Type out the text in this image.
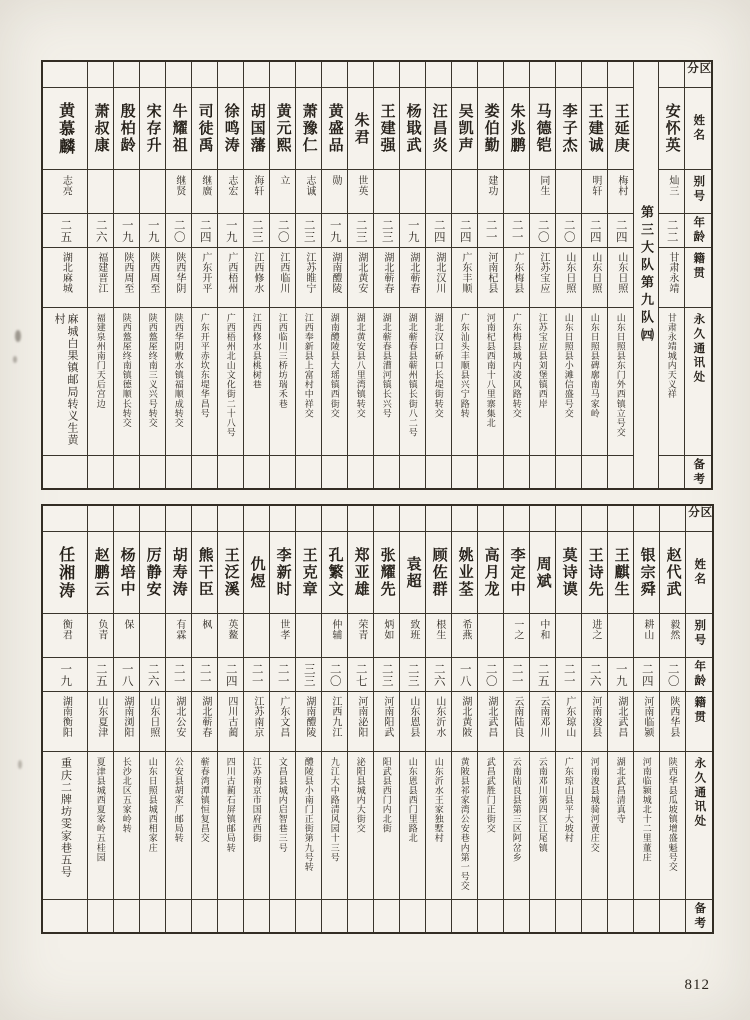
区分
姓名
别号
年龄
籍贯
永久通讯处
备考
安怀英
灿三
二二
甘肃永靖
甘肃永靖城内天义祥
第三大队第九队㈣
王延庚
梅村
二四
山东日照
山东日照县东门外西镇立号交
王建诚
明轩
二四
山东日照
山东日照县碑廓南马家岭
李子杰
二〇
山东日照
山东日照县小滩信盛号交
马德铠
同生
二〇
江苏宝应
江苏宝应县刘堡镇西岸
朱兆鹏
二一
广东梅县
广东梅县城内凌风路转交
娄伯勤
建功
二一
河南杞县
河南杞县西南十八里寨集北
吴凯声
二四
广东丰顺
广东汕头丰顺县兴宁路转
汪昌炎
二四
湖北汉川
湖北汉口硚口长堤街转交
杨戢武
一九
湖北蕲春
湖北蕲春县蕲州镇长街八二号
王建强
二三
湖北蕲春
湖北蕲春县漕河镇长兴号
朱君
世英
二三
湖北黄安
湖北黄安县八里湾镇转交
黄盛品
勋
一九
湖南醴陵
湖南醴陵县大瑶镇西街交
萧豫仁
志诚
二三
江苏睢宁
江西奉新县上富村中祥交
黄元熙
立
二〇
江西临川
江西临川三桥坊瑞禾巷
胡国藩
海轩
二三
江西修水
江西修水县桃树巷
徐鸣涛
志宏
一九
广西梧州
广西梧州北山文化街二十八号
司徒禹
继廣
二四
广东开平
广东开平赤坎东堤华昌号
牛耀祖
继贤
二〇
陕西华阴
陕西华阴敷水镇福顺成转交
宋存升
一九
陕西周至
陕西盩厔终南三义兴号转交
殷柏龄
一九
陕西周至
陕西盩厔终南镇德顺长转交
萧叔康
二六
福建晋江
福建泉州南门天后宫边
黄慕麟
志亮
二五
湖北麻城
麻城白果镇邮局转义生黄村
区分
姓名
别号
年龄
籍贯
永久通讯处
备考
赵代武
毅然
二〇
陕西华县
陕西华县瓜坡镇增盛魁号交
银宗舜
耕山
二四
河南临颍
河南临颍城北十二里董庄
王麒生
一九
湖北武昌
湖北武昌清真寺
王诗先
进之
二六
河南浚县
河南浚县城骑河黄庄交
莫诗谟
二一
广东琼山
广东琼山县平大坡村
周斌
中和
二五
云南邓川
云南邓川第四区江尾镇
李定中
一之
二一
云南陆良
云南陆良县第三区阿岔乡
高月龙
二〇
湖北武昌
武昌武胜门正街交
姚业荃
希燕
一八
湖北黄陂
黄陂县祁家湾公安巷内第一号交
顾佐群
根生
二六
山东沂水
山东沂水王家独墅村
袁超
致班
二三
山东恩县
山东恩县西门里路北
张耀先
炳如
二三
河南阳武
阳武县西门内北街
郑亚雄
荣青
二七
河南泌阳
泌阳县城内大街交
孔繁文
仲辅
二〇
江西九江
九江大中路清风园十三号
王克章
三三
湖南醴陵
醴陵县小南门正街第九号转
李新时
世孝
二一
广东文昌
文昌县城内启智巷三号
仇煜
二一
江苏南京
江苏南京市国府西街
王泛溪
英鳌
二四
四川古蔺
四川古蔺石屏镇邮局转
熊干臣
枫
二一
湖北蕲春
蕲春湾潭镇恒复昌交
胡寿涛
有霖
二一
湖北公安
公安县胡家厂邮局转
厉静安
二六
山东日照
山东日照县城西相家庄
杨培中
保
一八
湖南浏阳
长沙北区五家岭转
赵鹏云
负青
二五
山东夏津
夏津县城西夏家岭五桂园
任湘涛
衡君
一九
湖南衡阳
重庆二牌坊雯家巷五号
812
